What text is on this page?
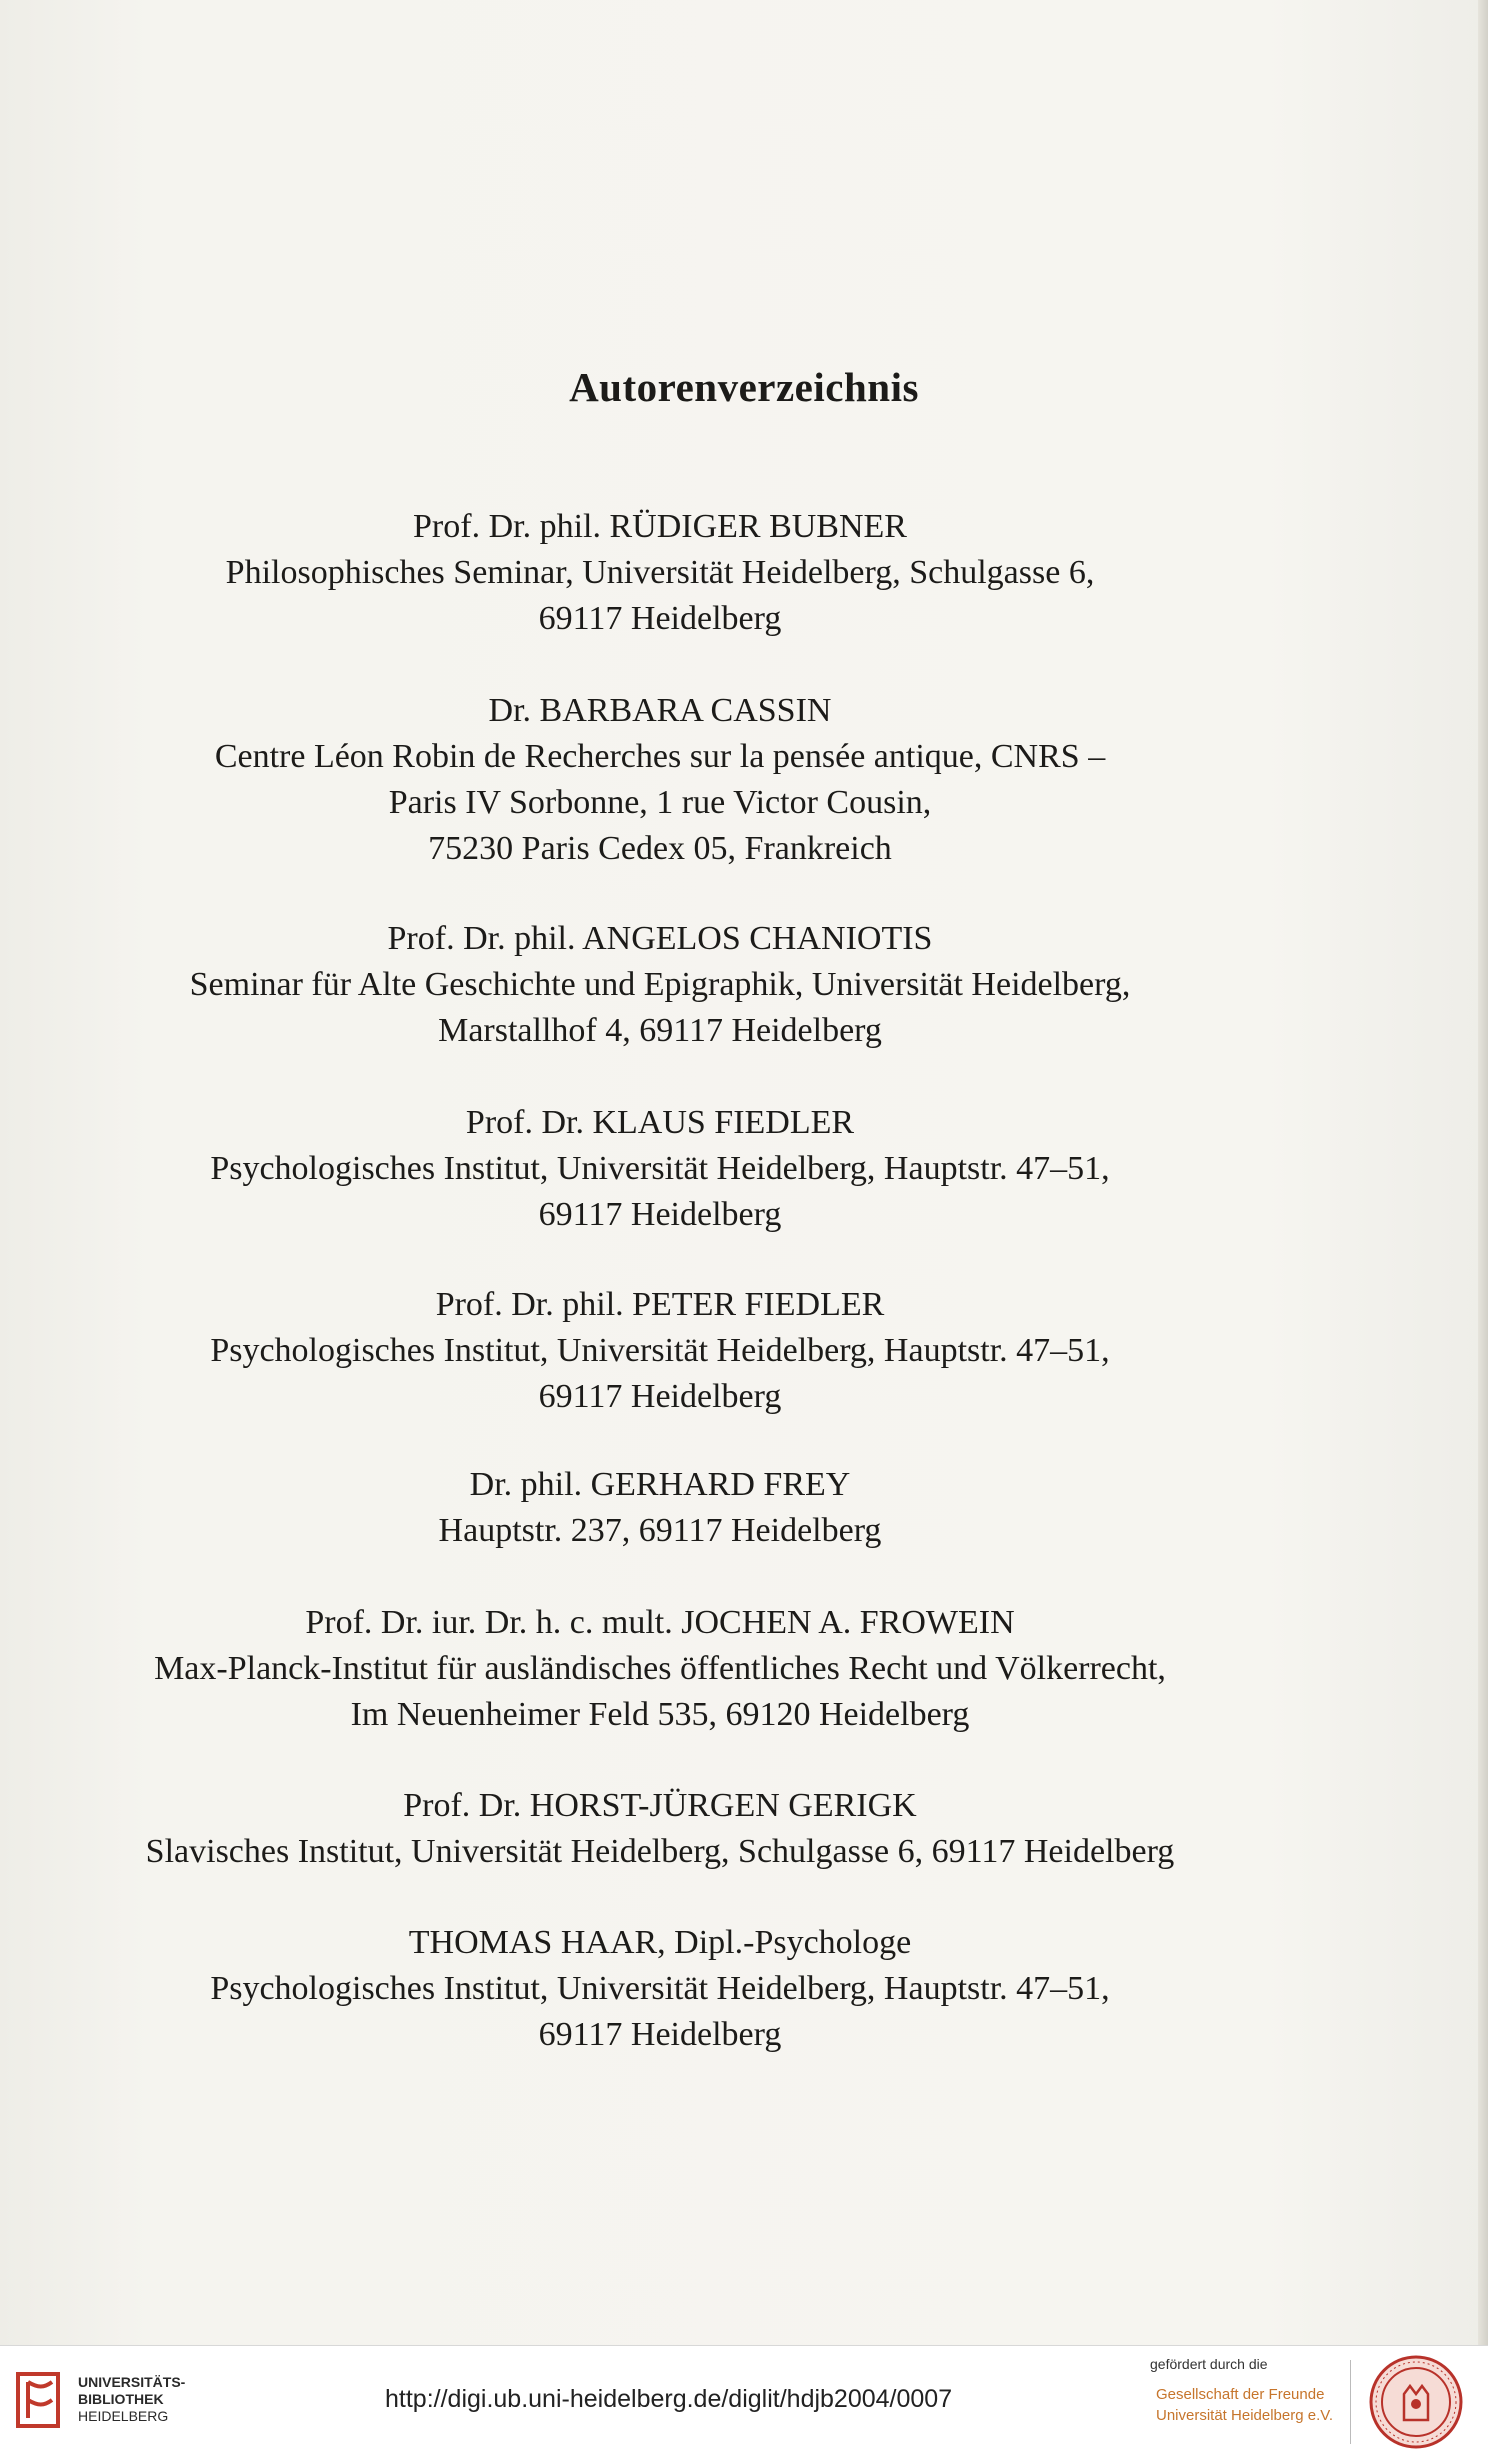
Autorenverzeichnis
Prof. Dr. phil. RÜDIGER BUBNER
Philosophisches Seminar, Universität Heidelberg, Schulgasse 6,
69117 Heidelberg
Dr. BARBARA CASSIN
Centre Léon Robin de Recherches sur la pensée antique, CNRS –
Paris IV Sorbonne, 1 rue Victor Cousin,
75230 Paris Cedex 05, Frankreich
Prof. Dr. phil. ANGELOS CHANIOTIS
Seminar für Alte Geschichte und Epigraphik, Universität Heidelberg,
Marstallhof 4, 69117 Heidelberg
Prof. Dr. KLAUS FIEDLER
Psychologisches Institut, Universität Heidelberg, Hauptstr. 47–51,
69117 Heidelberg
Prof. Dr. phil. PETER FIEDLER
Psychologisches Institut, Universität Heidelberg, Hauptstr. 47–51,
69117 Heidelberg
Dr. phil. GERHARD FREY
Hauptstr. 237, 69117 Heidelberg
Prof. Dr. iur. Dr. h. c. mult. JOCHEN A. FROWEIN
Max-Planck-Institut für ausländisches öffentliches Recht und Völkerrecht,
Im Neuenheimer Feld 535, 69120 Heidelberg
Prof. Dr. HORST-JÜRGEN GERIGK
Slavisches Institut, Universität Heidelberg, Schulgasse 6, 69117 Heidelberg
THOMAS HAAR, Dipl.-Psychologe
Psychologisches Institut, Universität Heidelberg, Hauptstr. 47–51,
69117 Heidelberg
UNIVERSITÄTS-
BIBLIOTHEK
HEIDELBERG
http://digi.ub.uni-heidelberg.de/diglit/hdjb2004/0007
gefördert durch die
Gesellschaft der Freunde
Universität Heidelberg e.V.
